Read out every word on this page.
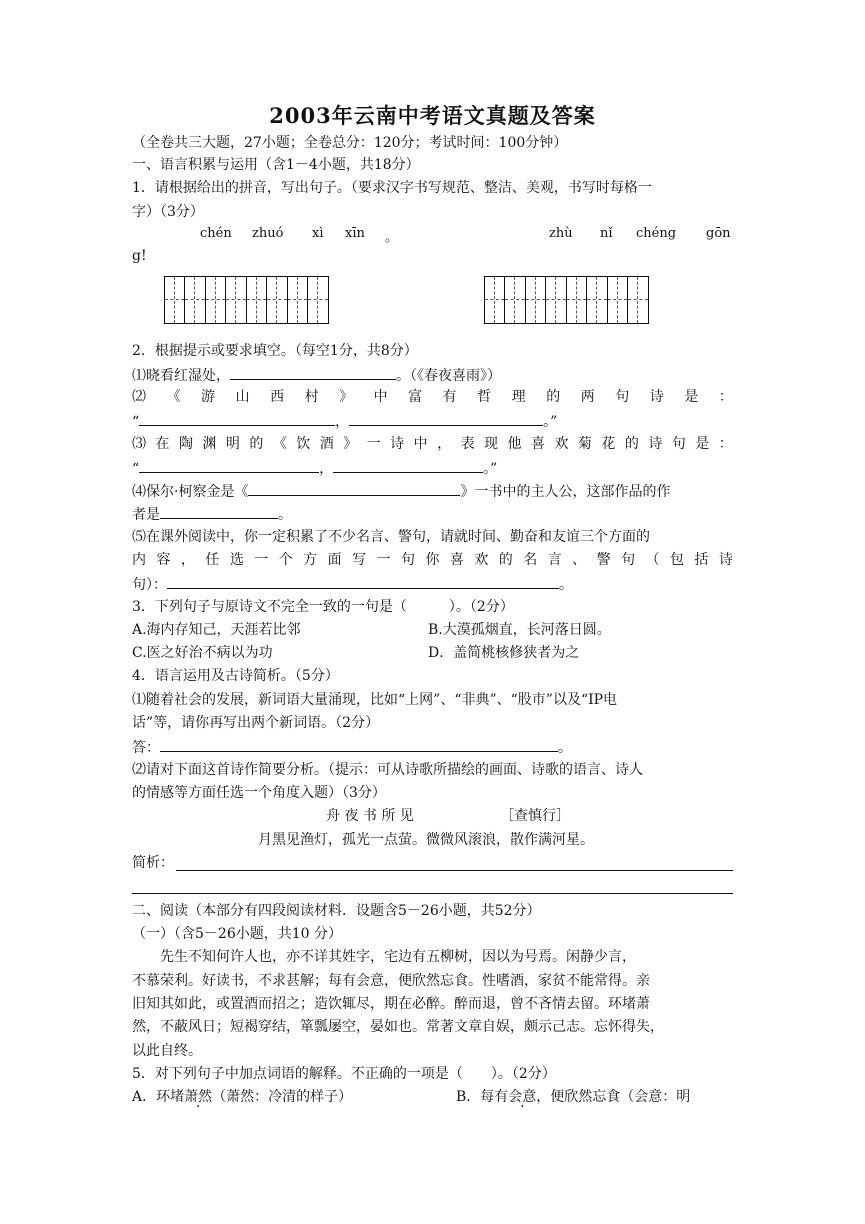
2003年云南中考语文真题及答案
（全卷共三大题，27小题；全卷总分：120分；考试时间：100分钟）
一、语言积累与运用（含1－4小题，共18分）
1．请根据给出的拼音，写出句子。（要求汉字书写规范、整洁、美观，书写时每格一
字）（3分）
chén zhuó xì xīn 。	zhù nǐ chéng gōn
g!
2．根据提示或要求填空。（每空1分，共8分）
⑴晓看红湿处，	。（《春夜喜雨》）
⑵ 《 游 山 西 村 》 中 富 有 哲 理 的 两 句 诗 是 ：
“	，	。”
⑶ 在 陶 渊 明 的 《 饮 酒 》 一 诗 中 ， 表 现 他 喜 欢 菊 花 的 诗 句 是 ：
“	，	。”
⑷保尔·柯察金是《	》一书中的主人公，这部作品的作
者是	。
⑸在课外阅读中，你一定积累了不少名言、警句，请就时间、勤奋和友谊三个方面的
内 容 ， 任 选 一 个 方 面 写 一 句 你 喜 欢 的 名 言 、 警 句 （ 包 括 诗
句）：	。
3．下列句子与原诗文不完全一致的一句是（　　　）。（2分）
A.海内存知己，天涯若比邻	B.大漠孤烟直，长河落日圆。
C.医之好治不病以为功	D．盖简桃核修狭者为之
4．语言运用及古诗简析。（5分）
⑴随着社会的发展，新词语大量涌现，比如“上网”、“非典”、“股市”以及“IP电
话”等，请你再写出两个新词语。（2分）
答：	。
⑵请对下面这首诗作简要分析。（提示：可从诗歌所描绘的画面、诗歌的语言、诗人
的情感等方面任选一个角度入题）（3分）
舟 夜 书 所 见	［查慎行］
月黑见渔灯，孤光一点萤。微微风滚浪，散作满河星。
简析：
二、阅读（本部分有四段阅读材料．设题含5－26小题，共52分）
（一）（含5－26小题，共10 分）
　　先生不知何许人也，亦不详其姓字，宅边有五柳树，因以为号焉。闲静少言，
不慕荣利。好读书，不求甚解；每有会意，便欣然忘食。性嗜酒，家贫不能常得。亲
旧知其如此，或置酒而招之；造饮辄尽，期在必醉。醉而退，曾不吝情去留。环堵萧
然，不蔽风日；短褐穿结，箪瓢屡空，晏如也。常著文章自娱，颇示己志。忘怀得失，
以此自终。
5．对下列句子中加点词语的解释。不正确的一项是（　　）。（2分）
A．环堵萧然（萧然：冷清的样子）	B．每有会意，便欣然忘食（会意：明
